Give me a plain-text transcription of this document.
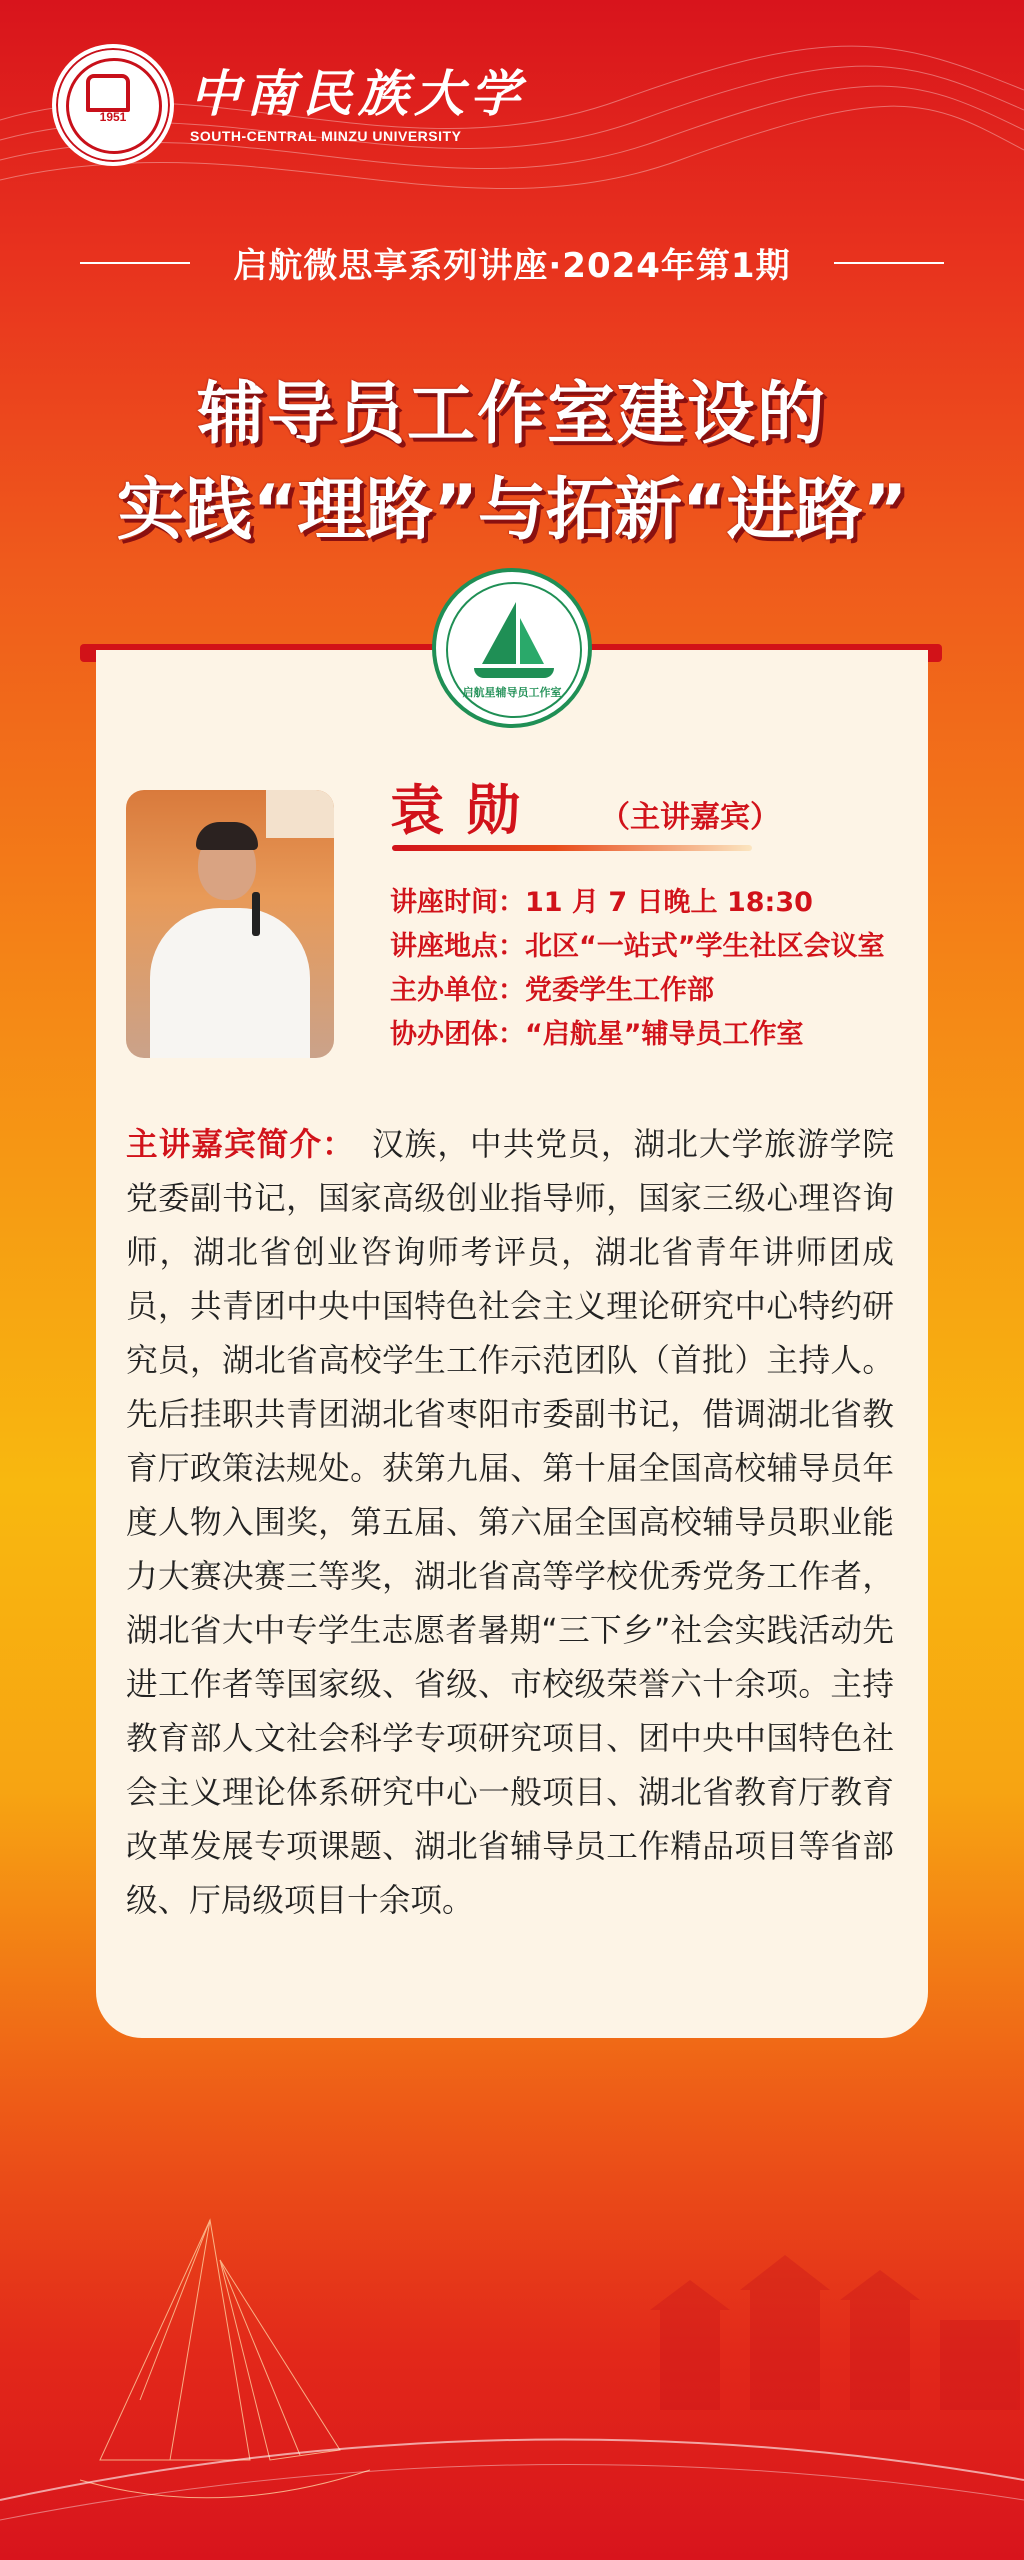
1951	中南民族大学
SOUTH-CENTRAL MINZU UNIVERSITY
启航微思享系列讲座·2024年第1期
辅导员工作室建设的
实践“理路”与拓新“进路”
启航星辅导员工作室
袁勋 （主讲嘉宾）
讲座时间：11 月 7 日晚上 18:30
讲座地点：北区“一站式”学生社区会议室
主办单位：党委学生工作部
协办团体：“启航星”辅导员工作室
主讲嘉宾简介： 汉族，中共党员，湖北大学旅游学院党委副书记，国家高级创业指导师，国家三级心理咨询师，湖北省创业咨询师考评员，湖北省青年讲师团成员，共青团中央中国特色社会主义理论研究中心特约研究员，湖北省高校学生工作示范团队（首批）主持人。先后挂职共青团湖北省枣阳市委副书记，借调湖北省教育厅政策法规处。获第九届、第十届全国高校辅导员年度人物入围奖，第五届、第六届全国高校辅导员职业能力大赛决赛三等奖，湖北省高等学校优秀党务工作者，湖北省大中专学生志愿者暑期“三下乡”社会实践活动先进工作者等国家级、省级、市校级荣誉六十余项。主持教育部人文社会科学专项研究项目、团中央中国特色社会主义理论体系研究中心一般项目、湖北省教育厅教育改革发展专项课题、湖北省辅导员工作精品项目等省部级、厅局级项目十余项。
